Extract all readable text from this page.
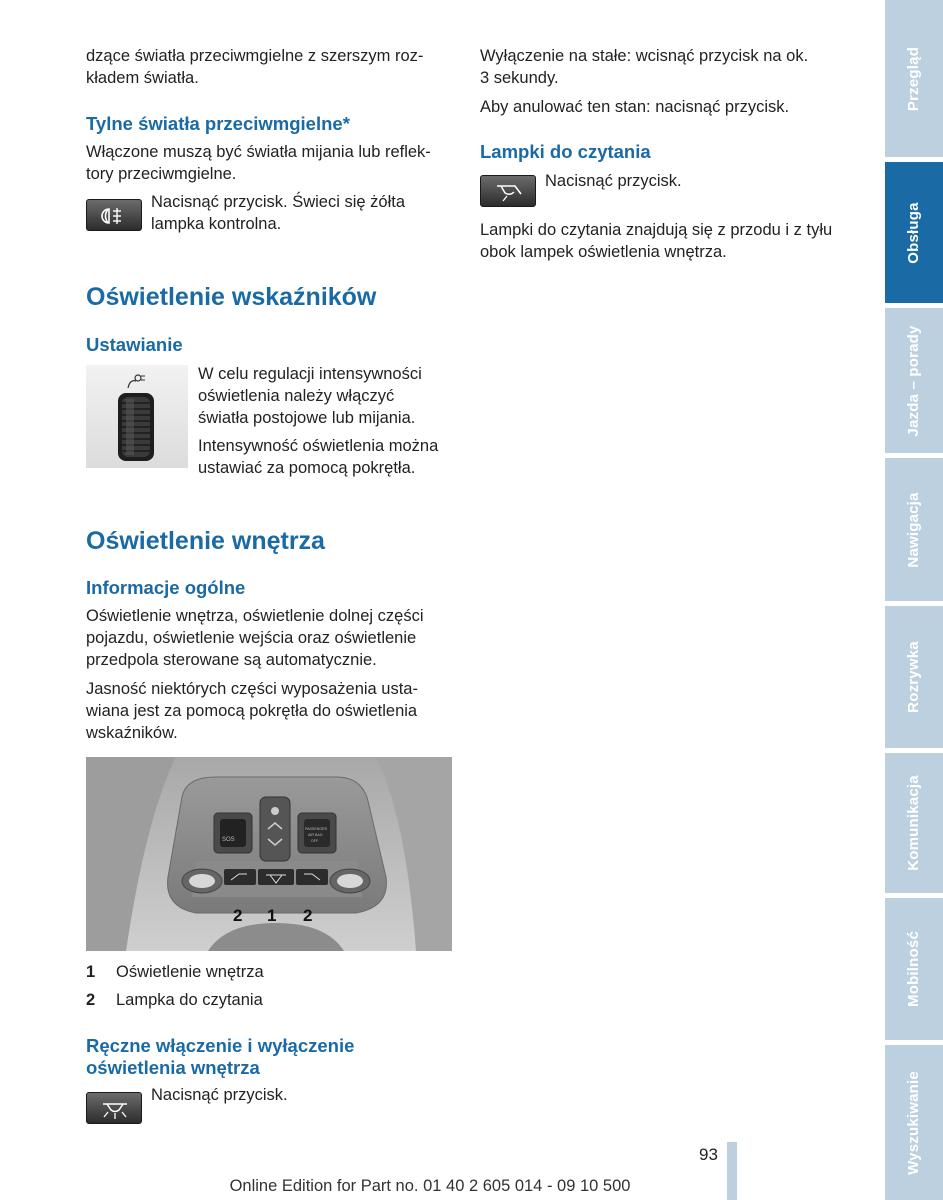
dzące światła przeciwmgielne z szerszym roz-
kładem światła.
Tylne światła przeciwmgielne*
Włączone muszą być światła mijania lub reflek-
tory przeciwmgielne.
Nacisnąć przycisk. Świeci się żółta
lampka kontrolna.
Oświetlenie wskaźników
Ustawianie
W celu regulacji intensywności
oświetlenia należy włączyć
światła postojowe lub mijania.
Intensywność oświetlenia można
ustawiać za pomocą pokrętła.
Oświetlenie wnętrza
Informacje ogólne
Oświetlenie wnętrza, oświetlenie dolnej części
pojazdu, oświetlenie wejścia oraz oświetlenie
przedpola sterowane są automatycznie.
Jasność niektórych części wyposażenia usta-
wiana jest za pomocą pokrętła do oświetlenia
wskaźników.
SOS
PASSENGER
AIR BAG
OFF
2 1 2
1	Oświetlenie wnętrza
2	Lampka do czytania
Ręczne włączenie i wyłączenie
oświetlenia wnętrza
Nacisnąć przycisk.
Wyłączenie na stałe: wcisnąć przycisk na ok.
3 sekundy.
Aby anulować ten stan: nacisnąć przycisk.
Lampki do czytania
Nacisnąć przycisk.
Lampki do czytania znajdują się z przodu i z tyłu
obok lampek oświetlenia wnętrza.
Przegląd
Obsługa
Jazda – porady
Nawigacja
Rozrywka
Komunikacja
Mobilność
Wyszukiwanie
93
Online Edition for Part no. 01 40 2 605 014 - 09 10 500
